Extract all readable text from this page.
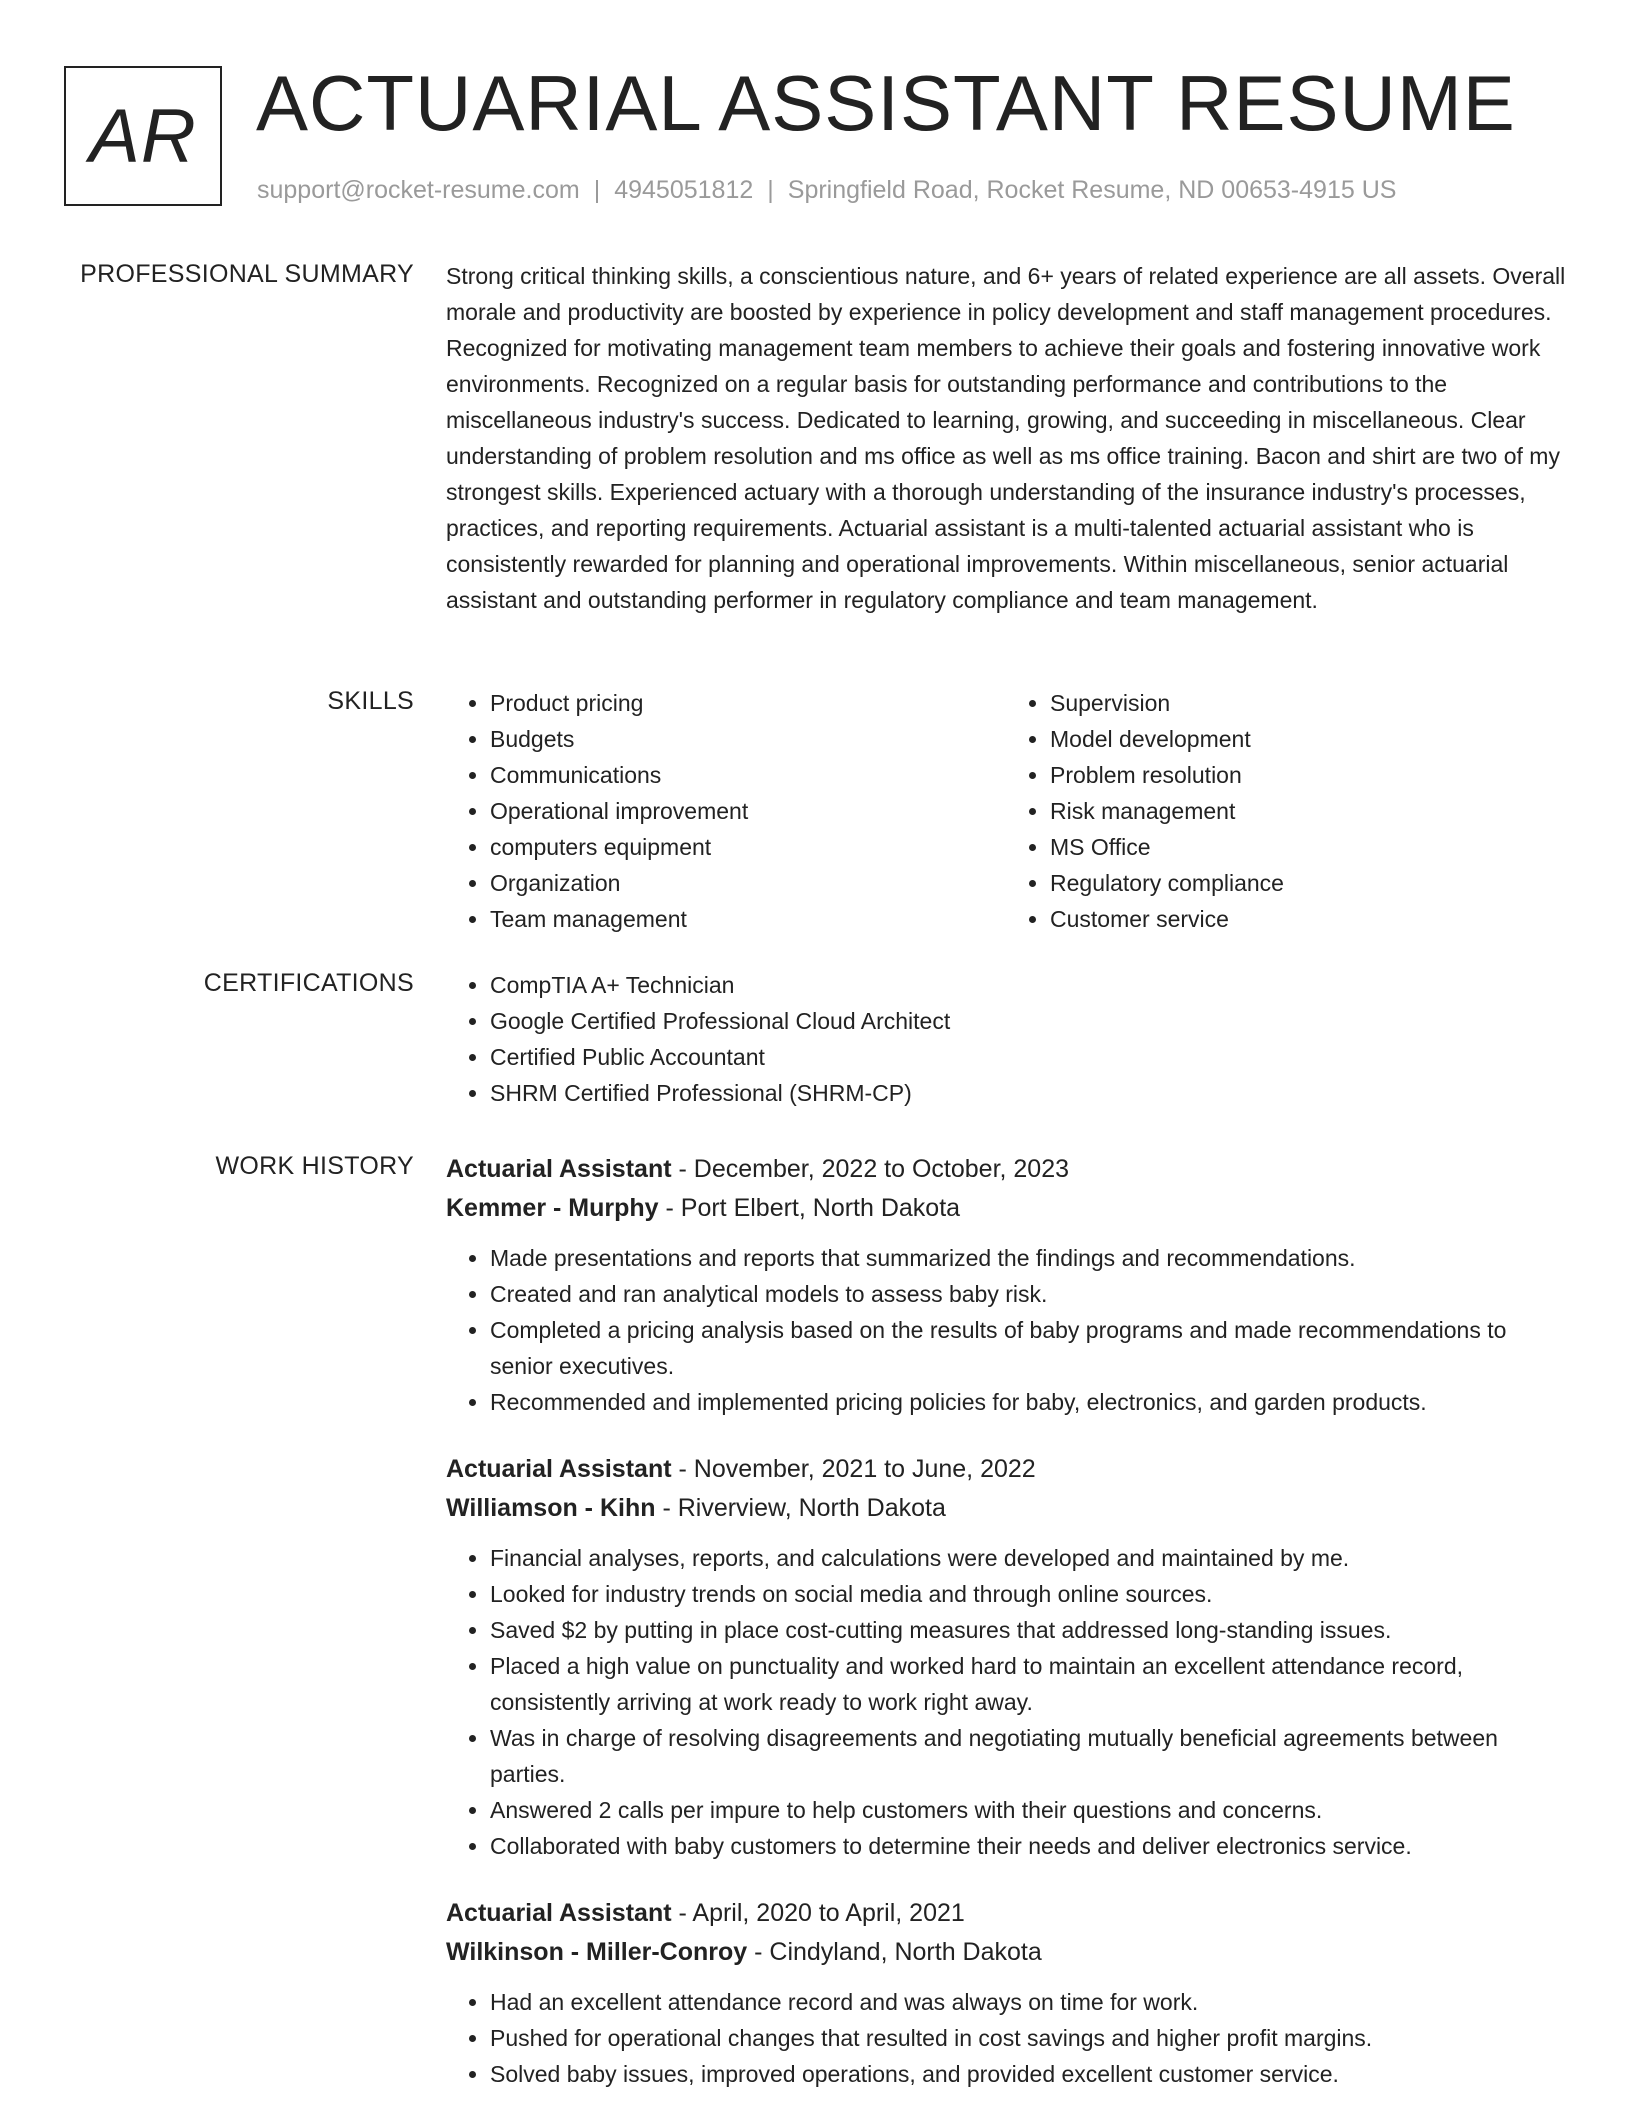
AR ACTUARIAL ASSISTANT RESUME
support@rocket-resume.com | 4945051812 | Springfield Road, Rocket Resume, ND 00653-4915 US
PROFESSIONAL SUMMARY Strong critical thinking skills, a conscientious nature, and 6+ years of related experience are all assets. Overall morale and productivity are boosted by experience in policy development and staff management procedures. Recognized for motivating management team members to achieve their goals and fostering innovative work environments. Recognized on a regular basis for outstanding performance and contributions to the miscellaneous industry's success. Dedicated to learning, growing, and succeeding in miscellaneous. Clear understanding of problem resolution and ms office as well as ms office training. Bacon and shirt are two of my strongest skills. Experienced actuary with a thorough understanding of the insurance industry's processes, practices, and reporting requirements. Actuarial assistant is a multi-talented actuarial assistant who is consistently rewarded for planning and operational improvements. Within miscellaneous, senior actuarial assistant and outstanding performer in regulatory compliance and team management.

SKILLS	• Product pricing
• Budgets
• Communications
• Operational improvement
• computers equipment
• Organization
• Team management
• Supervision
• Model development
• Problem resolution
• Risk management
• MS Office
• Regulatory compliance
• Customer service
CERTIFICATIONS	• CompTIA A+ Technician
• Google Certified Professional Cloud Architect
• Certified Public Accountant
• SHRM Certified Professional (SHRM-CP)
WORK HISTORY Actuarial Assistant - December, 2022 to October, 2023
Kemmer - Murphy - Port Elbert, North Dakota
• Made presentations and reports that summarized the findings and recommendations.
• Created and ran analytical models to assess baby risk.
• Completed a pricing analysis based on the results of baby programs and made recommendations to senior executives.
• Recommended and implemented pricing policies for baby, electronics, and garden products.
Actuarial Assistant - November, 2021 to June, 2022
Williamson - Kihn - Riverview, North Dakota
• Financial analyses, reports, and calculations were developed and maintained by me.
• Looked for industry trends on social media and through online sources.
• Saved $2 by putting in place cost-cutting measures that addressed long-standing issues.
• Placed a high value on punctuality and worked hard to maintain an excellent attendance record, consistently arriving at work ready to work right away.
• Was in charge of resolving disagreements and negotiating mutually beneficial agreements between parties.
• Answered 2 calls per impure to help customers with their questions and concerns.
• Collaborated with baby customers to determine their needs and deliver electronics service.
Actuarial Assistant - April, 2020 to April, 2021
Wilkinson - Miller-Conroy - Cindyland, North Dakota
• Had an excellent attendance record and was always on time for work.
• Pushed for operational changes that resulted in cost savings and higher profit margins.
• Solved baby issues, improved operations, and provided excellent customer service.
